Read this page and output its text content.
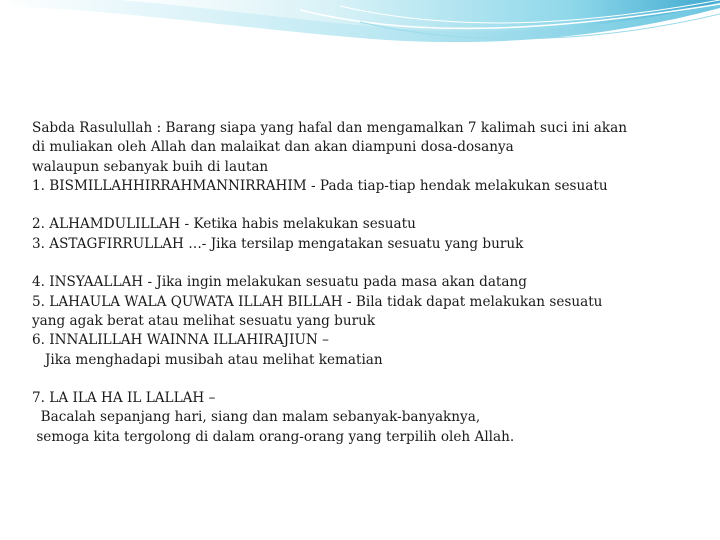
Sabda Rasulullah : Barang siapa yang hafal dan mengamalkan 7 kalimah suci ini akan
di muliakan oleh Allah dan malaikat dan akan diampuni dosa-dosanya
walaupun sebanyak buih di lautan
1. BISMILLAHHIRRAHMANNIRRAHIM - Pada tiap-tiap hendak melakukan sesuatu
2. ALHAMDULILLAH - Ketika habis melakukan sesuatu
3. ASTAGFIRRULLAH …- Jika tersilap mengatakan sesuatu yang buruk
4. INSYAALLAH - Jika ingin melakukan sesuatu pada masa akan datang
5. LAHAULA WALA QUWATA ILLAH BILLAH - Bila tidak dapat melakukan sesuatu
yang agak berat atau melihat sesuatu yang buruk
6. INNALILLAH WAINNA ILLAHIRAJIUN –
Jika menghadapi musibah atau melihat kematian
7. LA ILA HA IL LALLAH –
Bacalah sepanjang hari, siang dan malam sebanyak-banyaknya,
semoga kita tergolong di dalam orang-orang yang terpilih oleh Allah.
